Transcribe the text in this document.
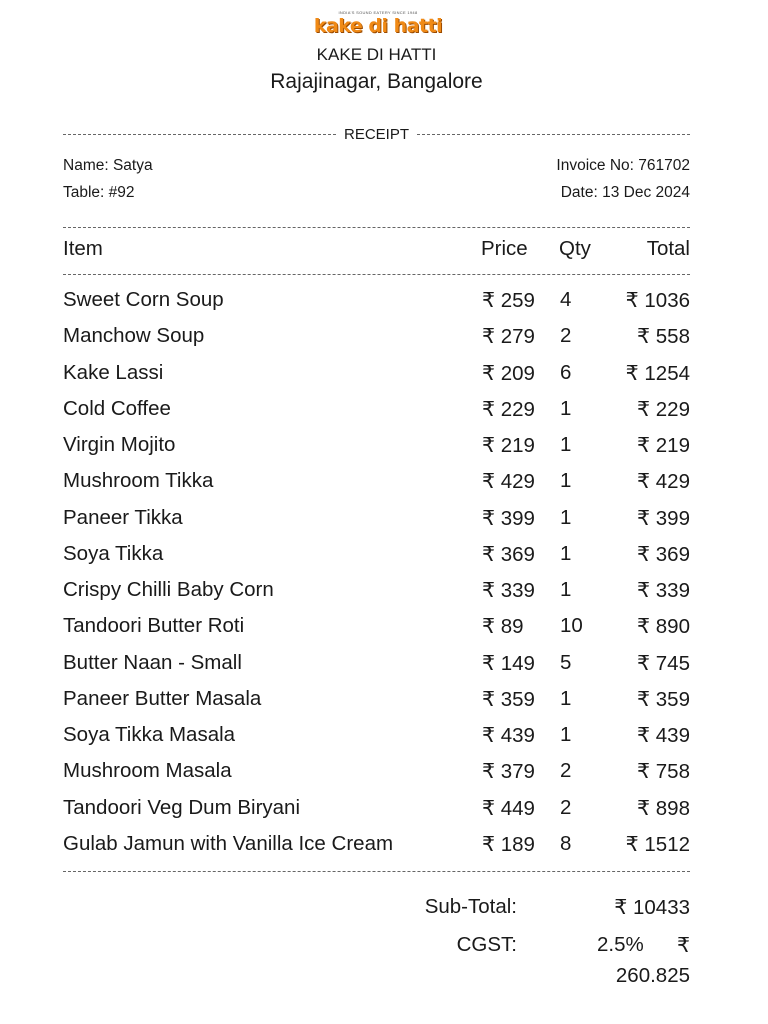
INDIA'S SOUND EATERY SINCE 1948
kake di hatti
KAKE DI HATTI
Rajajinagar, Bangalore
RECEIPT
Name: Satya
Table: #92
Invoice No: 761702
Date: 13 Dec 2024
Item	Price Qty	Total
Sweet Corn Soup	₹ 259 4	₹ 1036
Manchow Soup	₹ 279 2	₹ 558
Kake Lassi	₹ 209 6	₹ 1254
Cold Coffee	₹ 229 1	₹ 229
Virgin Mojito	₹ 219 1	₹ 219
Mushroom Tikka	₹ 429 1	₹ 429
Paneer Tikka	₹ 399 1	₹ 399
Soya Tikka	₹ 369 1	₹ 369
Crispy Chilli Baby Corn	₹ 339 1	₹ 339
Tandoori Butter Roti	₹ 89 10	₹ 890
Butter Naan - Small	₹ 149 5	₹ 745
Paneer Butter Masala	₹ 359 1	₹ 359
Soya Tikka Masala	₹ 439 1	₹ 439
Mushroom Masala	₹ 379 2	₹ 758
Tandoori Veg Dum Biryani	₹ 449 2	₹ 898
Gulab Jamun with Vanilla Ice Cream	₹ 189 8	₹ 1512
Sub-Total:	₹ 10433
CGST:	2.5% ₹
260.825
